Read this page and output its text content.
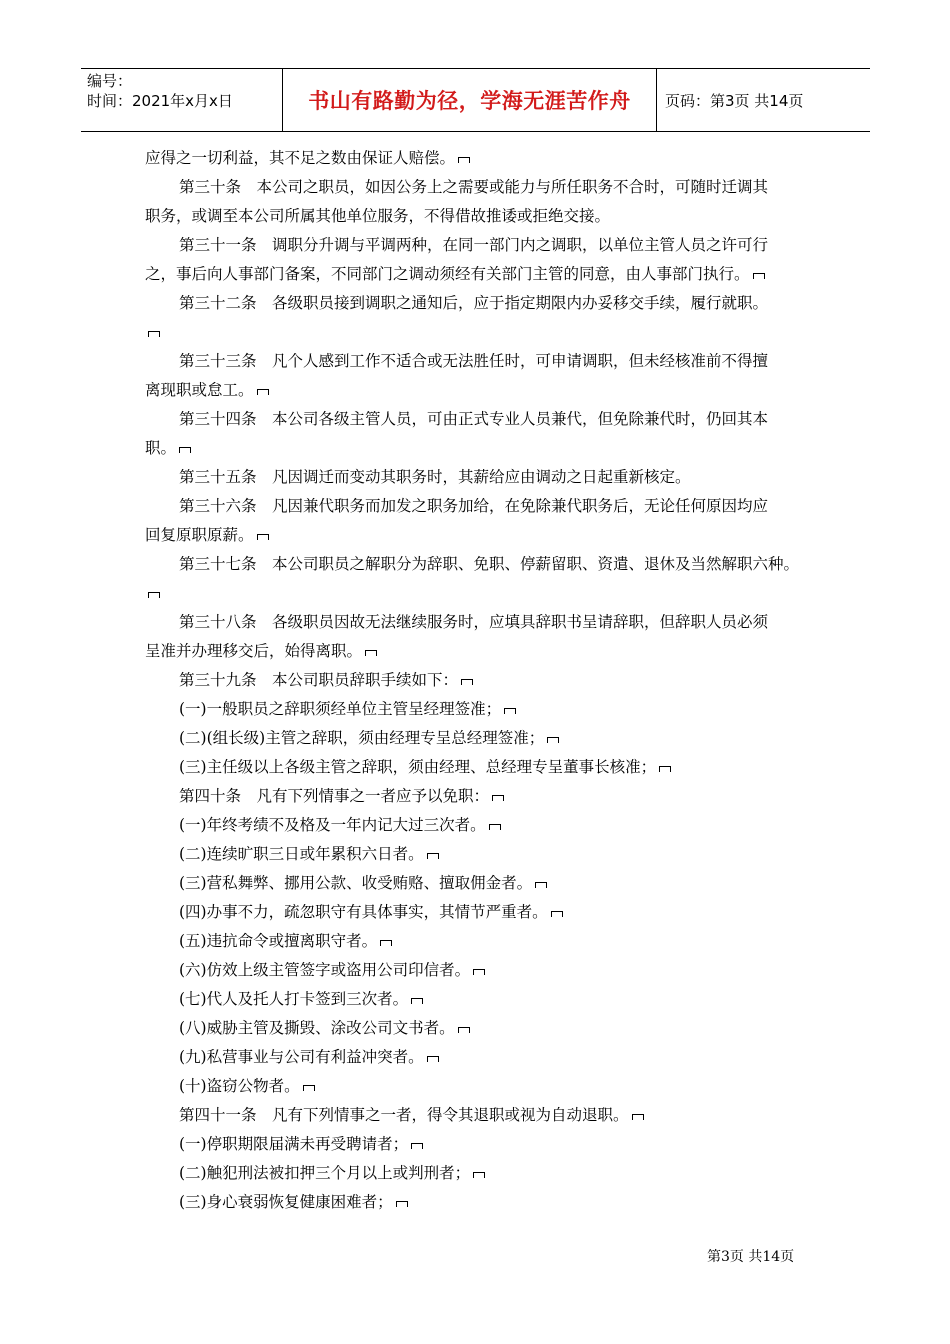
编号：
时间：2021年x月x日	书山有路勤为径，学海无涯苦作舟	页码：第3页 共14页
应得之一切利益，其不足之数由保证人赔偿。
第三十条　本公司之职员，如因公务上之需要或能力与所任职务不合时，可随时迁调其
职务，或调至本公司所属其他单位服务，不得借故推诿或拒绝交接。
第三十一条　调职分升调与平调两种，在同一部门内之调职，以单位主管人员之许可行
之，事后向人事部门备案，不同部门之调动须经有关部门主管的同意，由人事部门执行。
第三十二条　各级职员接到调职之通知后，应于指定期限内办妥移交手续，履行就职。
第三十三条　凡个人感到工作不适合或无法胜任时，可申请调职，但未经核准前不得擅
离现职或怠工。
第三十四条　本公司各级主管人员，可由正式专业人员兼代，但免除兼代时，仍回其本
职。
第三十五条　凡因调迁而变动其职务时，其薪给应由调动之日起重新核定。
第三十六条　凡因兼代职务而加发之职务加给，在免除兼代职务后，无论任何原因均应
回复原职原薪。
第三十七条　本公司职员之解职分为辞职、免职、停薪留职、资遣、退休及当然解职六种。
第三十八条　各级职员因故无法继续服务时，应填具辞职书呈请辞职，但辞职人员必须
呈准并办理移交后，始得离职。
第三十九条　本公司职员辞职手续如下：
(一)一般职员之辞职须经单位主管呈经理签准；
(二)(组长级)主管之辞职，须由经理专呈总经理签准；
(三)主任级以上各级主管之辞职，须由经理、总经理专呈董事长核准；
第四十条　凡有下列情事之一者应予以免职：
(一)年终考绩不及格及一年内记大过三次者。
(二)连续旷职三日或年累积六日者。
(三)营私舞弊、挪用公款、收受贿赂、擅取佣金者。
(四)办事不力，疏忽职守有具体事实，其情节严重者。
(五)违抗命令或擅离职守者。
(六)仿效上级主管签字或盗用公司印信者。
(七)代人及托人打卡签到三次者。
(八)威胁主管及撕毁、涂改公司文书者。
(九)私营事业与公司有利益冲突者。
(十)盗窃公物者。
第四十一条　凡有下列情事之一者，得令其退职或视为自动退职。
(一)停职期限届满未再受聘请者；
(二)触犯刑法被扣押三个月以上或判刑者；
(三)身心衰弱恢复健康困难者；
第3页 共14页
